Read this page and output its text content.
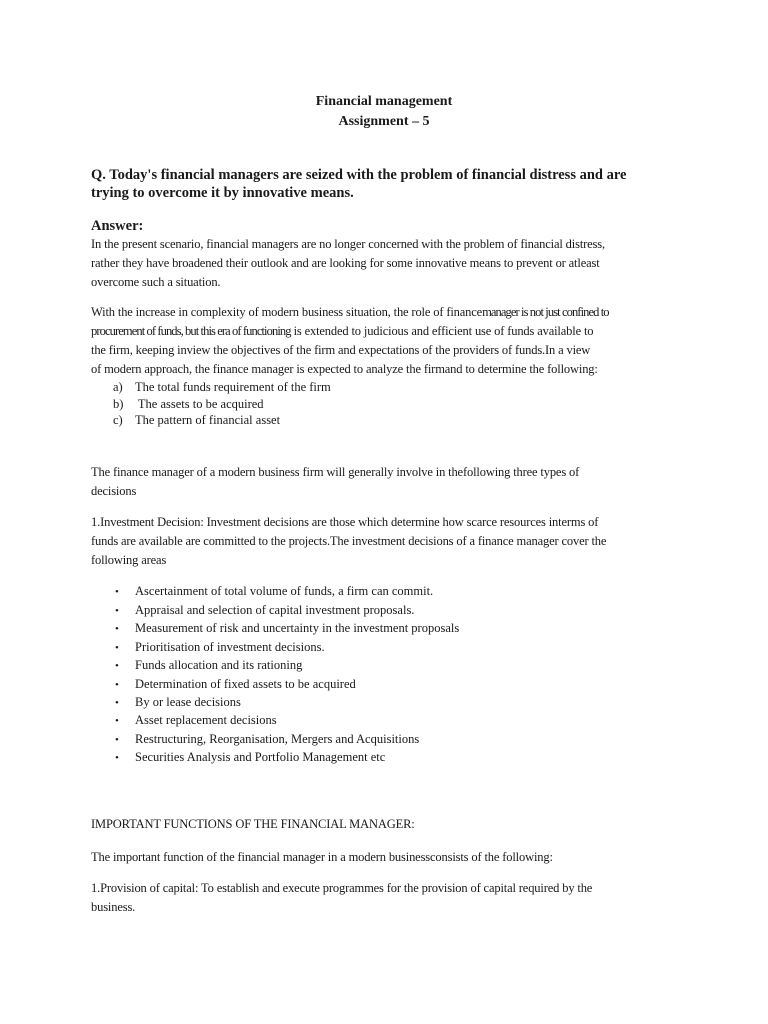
Financial management
Assignment – 5
Q. Today's financial managers are seized with the problem of financial distress and are
trying to overcome it by innovative means.
Answer:
In the present scenario, financial managers are no longer concerned with the problem of financial distress,
rather they have broadened their outlook and are looking for some innovative means to prevent or atleast
overcome such a situation.
With the increase in complexity of modern business situation, the role of financemanager is not just confined to
procurement of funds, but this era of functioning is extended to judicious and efficient use of funds available to
the firm, keeping inview the objectives of the firm and expectations of the providers of funds.In a view
of modern approach, the finance manager is expected to analyze the firmand to determine the following:
a) The total funds requirement of the firm
b) The assets to be acquired
c) The pattern of financial asset
The finance manager of a modern business firm will generally involve in thefollowing three types of
decisions
1.Investment Decision: Investment decisions are those which determine how scarce resources interms of
funds are available are committed to the projects.The investment decisions of a finance manager cover the
following areas
• Ascertainment of total volume of funds, a firm can commit.
• Appraisal and selection of capital investment proposals.
• Measurement of risk and uncertainty in the investment proposals
• Prioritisation of investment decisions.
• Funds allocation and its rationing
• Determination of fixed assets to be acquired
• By or lease decisions
• Asset replacement decisions
• Restructuring, Reorganisation, Mergers and Acquisitions
• Securities Analysis and Portfolio Management etc
IMPORTANT FUNCTIONS OF THE FINANCIAL MANAGER:
The important function of the financial manager in a modern businessconsists of the following:
1.Provision of capital: To establish and execute programmes for the provision of capital required by the
business.
